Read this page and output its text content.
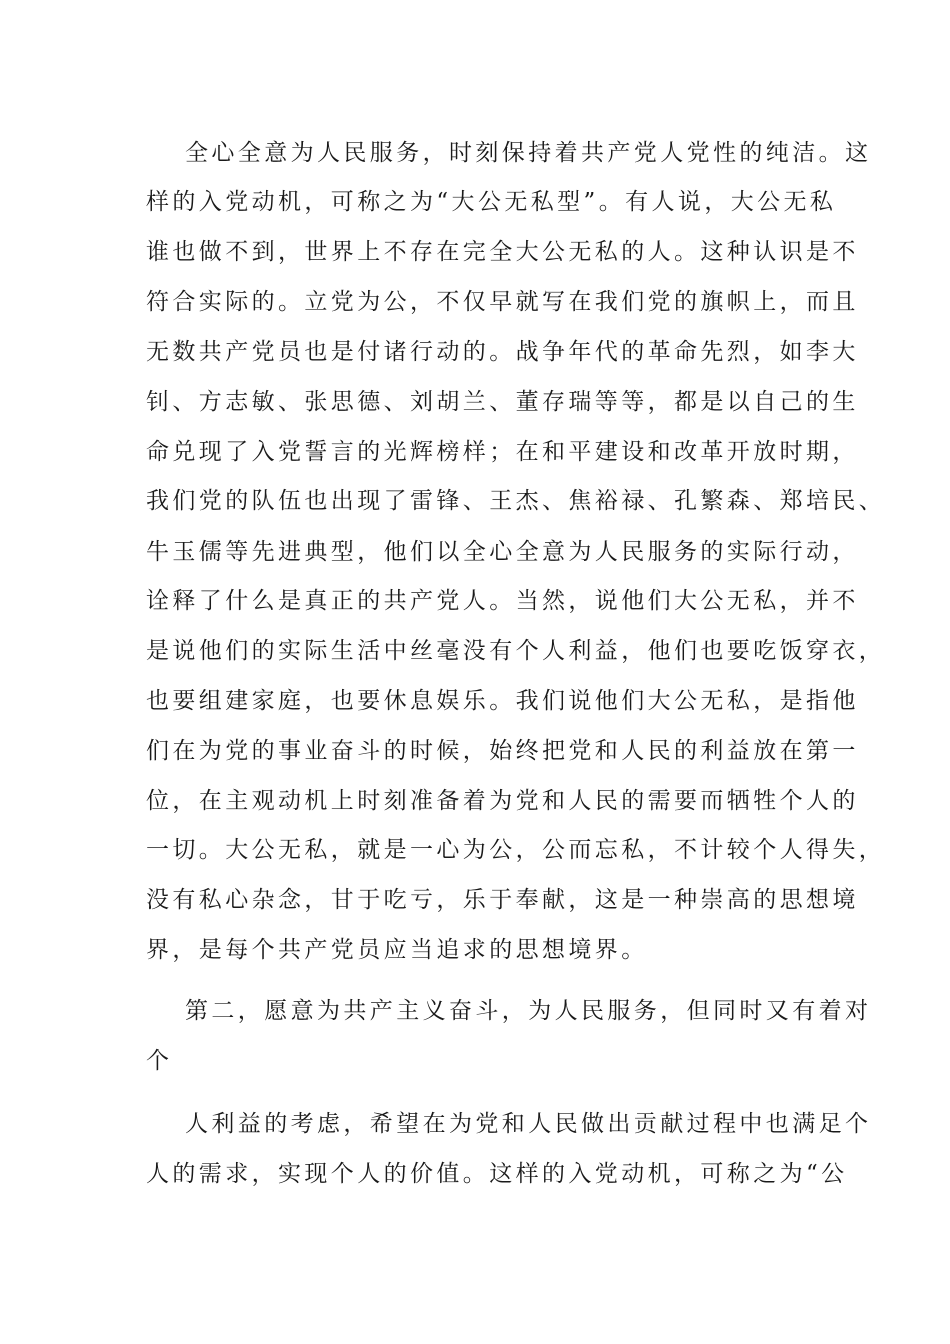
全心全意为人民服务，时刻保持着共产党人党性的纯洁。这

样的入党动机，可称之为“大公无私型”。有人说，大公无私

谁也做不到，世界上不存在完全大公无私的人。这种认识是不

符合实际的。立党为公，不仅早就写在我们党的旗帜上，而且

无数共产党员也是付诸行动的。战争年代的革命先烈，如李大

钊、方志敏、张思德、刘胡兰、董存瑞等等，都是以自己的生

命兑现了入党誓言的光辉榜样；在和平建设和改革开放时期，

我们党的队伍也出现了雷锋、王杰、焦裕禄、孔繁森、郑培民、

牛玉儒等先进典型，他们以全心全意为人民服务的实际行动，

诠释了什么是真正的共产党人。当然，说他们大公无私，并不

是说他们的实际生活中丝毫没有个人利益，他们也要吃饭穿衣，

也要组建家庭，也要休息娱乐。我们说他们大公无私，是指他

们在为党的事业奋斗的时候，始终把党和人民的利益放在第一

位，在主观动机上时刻准备着为党和人民的需要而牺牲个人的

一切。大公无私，就是一心为公，公而忘私，不计较个人得失，

没有私心杂念，甘于吃亏，乐于奉献，这是一种崇高的思想境

界，是每个共产党员应当追求的思想境界。

第二，愿意为共产主义奋斗，为人民服务，但同时又有着对

个

人利益的考虑，希望在为党和人民做出贡献过程中也满足个

人的需求，实现个人的价值。这样的入党动机，可称之为“公
